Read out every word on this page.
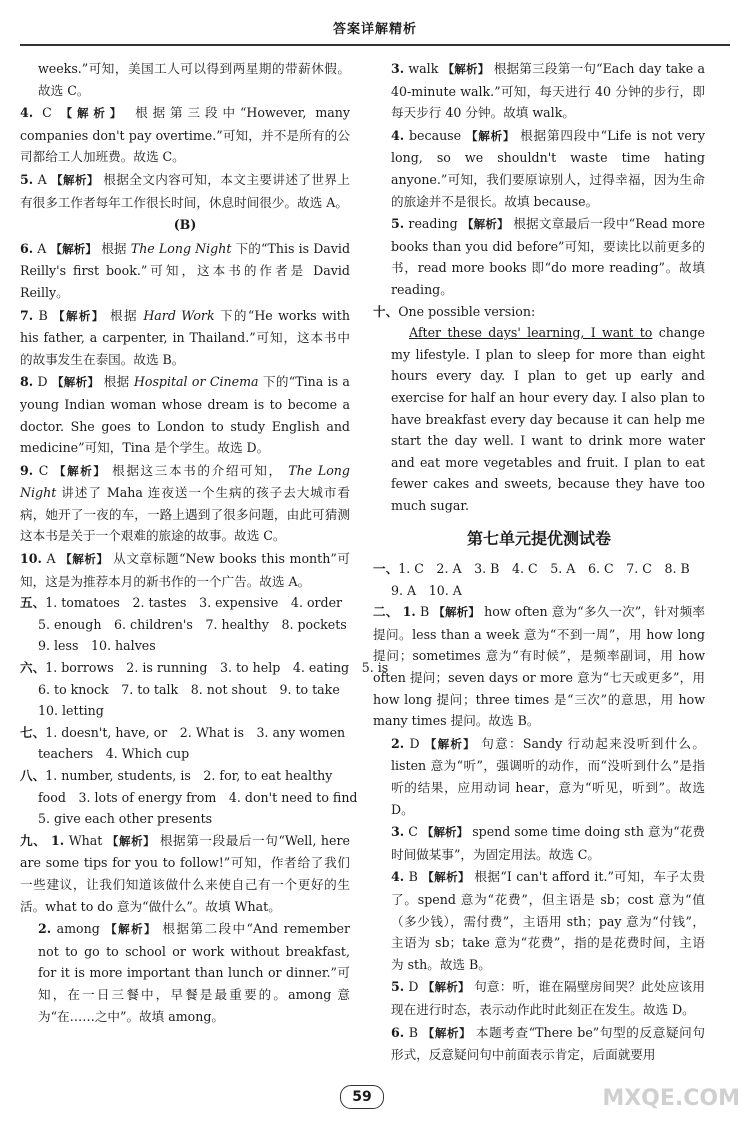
答案详解精析

weeks.”可知，美国工人可以得到两星期的带薪休假。故选 C。

4. C 【解析】 根据第三段中“However, many companies don't pay overtime.”可知，并不是所有的公司都给工人加班费。故选 C。

5. A 【解析】 根据全文内容可知，本文主要讲述了世界上有很多工作者每年工作很长时间，休息时间很少。故选 A。

(B)

6. A 【解析】 根据 The Long Night 下的“This is David Reilly's first book.”可知，这本书的作者是 David Reilly。

7. B 【解析】 根据 Hard Work 下的“He works with his father, a carpenter, in Thailand.”可知，这本书中的故事发生在泰国。故选 B。

8. D 【解析】 根据 Hospital or Cinema 下的“Tina is a young Indian woman whose dream is to become a doctor. She goes to London to study English and medicine”可知，Tina 是个学生。故选 D。

9. C 【解析】 根据这三本书的介绍可知， The Long Night 讲述了 Maha 连夜送一个生病的孩子去大城市看病，她开了一夜的车，一路上遇到了很多问题，由此可猜测这本书是关于一个艰难的旅途的故事。故选 C。

10. A 【解析】 从文章标题“New books this month”可知，这是为推荐本月的新书作的一个广告。故选 A。

五、1. tomatoes　2. tastes　3. expensive　4. order
5. enough　6. children's　7. healthy　8. pockets
9. less　10. halves
六、1. borrows　2. is running　3. to help　4. eating　5. is
6. to knock　7. to talk　8. not shout　9. to take
10. letting
七、1. doesn't, have, or　2. What is　3. any women
teachers　4. Which cup
八、1. number, students, is　2. for, to eat healthy
food　3. lots of energy from　4. don't need to find
5. give each other presents

九、 1. What 【解析】 根据第一段最后一句“Well, here are some tips for you to follow!”可知，作者给了我们一些建议，让我们知道该做什么来使自己有一个更好的生活。what to do 意为“做什么”。故填 What。

2. among 【解析】 根据第二段中“And remember not to go to school or work without breakfast, for it is more important than lunch or dinner.”可知，在一日三餐中，早餐是最重要的。among 意为“在……之中”。故填 among。

3. walk 【解析】 根据第三段第一句“Each day take a 40-minute walk.”可知，每天进行 40 分钟的步行，即每天步行 40 分钟。故填 walk。

4. because 【解析】 根据第四段中“Life is not very long, so we shouldn't waste time hating anyone.”可知，我们要原谅别人，过得幸福，因为生命的旅途并不是很长。故填 because。

5. reading 【解析】 根据文章最后一段中“Read more books than you did before”可知，要读比以前更多的书，read more books 即“do more reading”。故填 reading。

十、One possible version:

After these days' learning, I want to change my lifestyle. I plan to sleep for more than eight hours every day. I plan to get up early and exercise for half an hour every day. I also plan to have breakfast every day because it can help me start the day well. I want to drink more water and eat more vegetables and fruit. I plan to eat fewer cakes and sweets, because they have too much sugar.

第七单元提优测试卷
一、1. C　2. A　3. B　4. C　5. A　6. C　7. C　8. B
9. A　10. A

二、 1. B 【解析】 how often 意为“多久一次”，针对频率提问。less than a week 意为“不到一周”，用 how long 提问；sometimes 意为“有时候”，是频率副词，用 how often 提问；seven days or more 意为“七天或更多”，用 how long 提问；three times 是“三次”的意思，用 how many times 提问。故选 B。

2. D 【解析】 句意：Sandy 行动起来没听到什么。listen 意为“听”，强调听的动作，而“没听到什么”是指听的结果，应用动词 hear，意为“听见，听到”。故选 D。

3. C 【解析】 spend some time doing sth 意为“花费时间做某事”，为固定用法。故选 C。

4. B 【解析】 根据“I can't afford it.”可知，车子太贵了。spend 意为“花费”，但主语是 sb；cost 意为“值（多少钱），需付费”，主语用 sth；pay 意为“付钱”，主语为 sb；take 意为“花费”，指的是花费时间，主语为 sth。故选 B。

5. D 【解析】 句意：听，谁在隔壁房间哭？此处应该用现在进行时态，表示动作此时此刻正在发生。故选 D。

6. B 【解析】 本题考查“There be”句型的反意疑问句形式，反意疑问句中前面表示肯定，后面就要用

59	MXQE.COM
